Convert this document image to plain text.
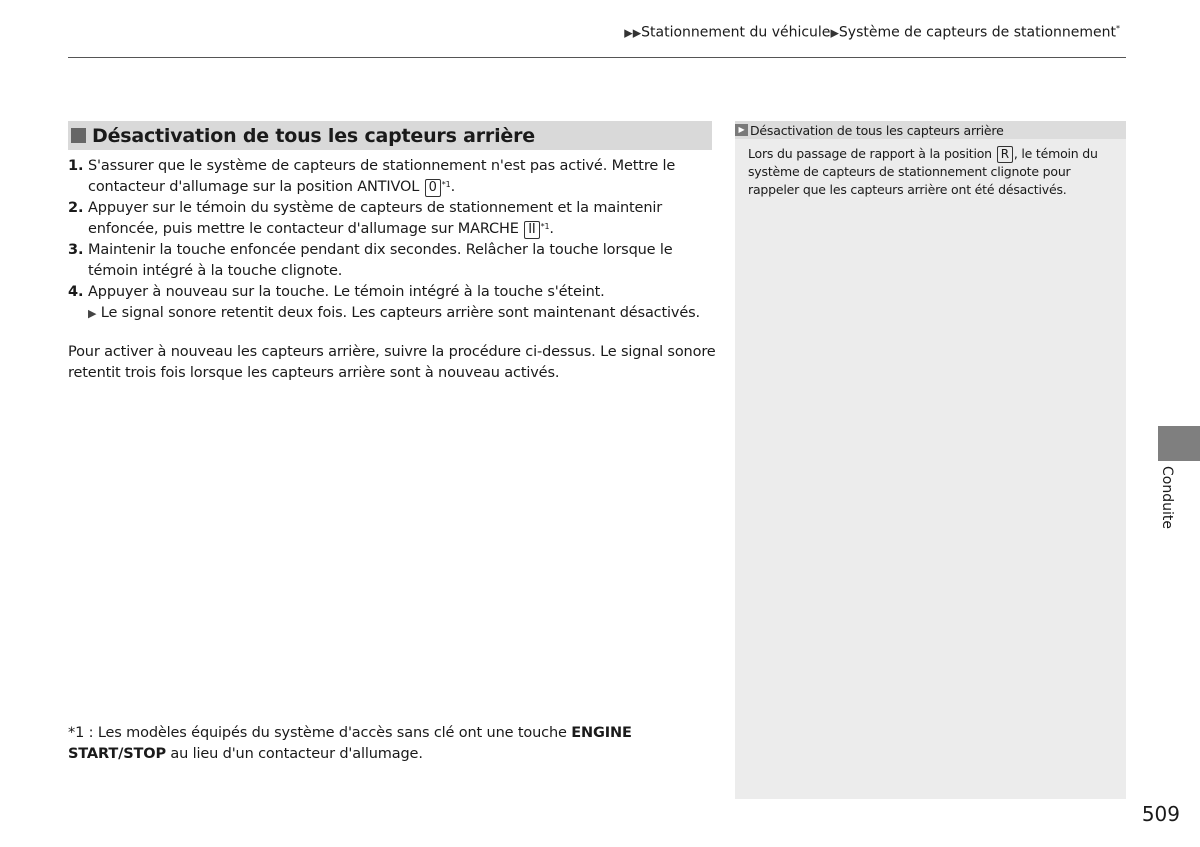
▶▶Stationnement du véhicule▶Système de capteurs de stationnement*
Désactivation de tous les capteurs arrière
1. S'assurer que le système de capteurs de stationnement n'est pas activé. Mettre le contacteur d'allumage sur la position ANTIVOL 0 $^{*1}$.
2. Appuyer sur le témoin du système de capteurs de stationnement et la maintenir enfoncée, puis mettre le contacteur d'allumage sur MARCHE II $^{*1}$.
3. Maintenir la touche enfoncée pendant dix secondes. Relâcher la touche lorsque le témoin intégré à la touche clignote.
4. Appuyer à nouveau sur la touche. Le témoin intégré à la touche s'éteint.
▶ Le signal sonore retentit deux fois. Les capteurs arrière sont maintenant désactivés.

Pour activer à nouveau les capteurs arrière, suivre la procédure ci-dessus. Le signal sonore retentit trois fois lorsque les capteurs arrière sont à nouveau activés.

*1 : Les modèles équipés du système d'accès sans clé ont une touche ENGINE START/STOP au lieu d'un contacteur d'allumage.

▶ Désactivation de tous les capteurs arrière
Lors du passage de rapport à la position R , le témoin du système de capteurs de stationnement clignote pour rappeler que les capteurs arrière ont été désactivés.
Conduite
509
